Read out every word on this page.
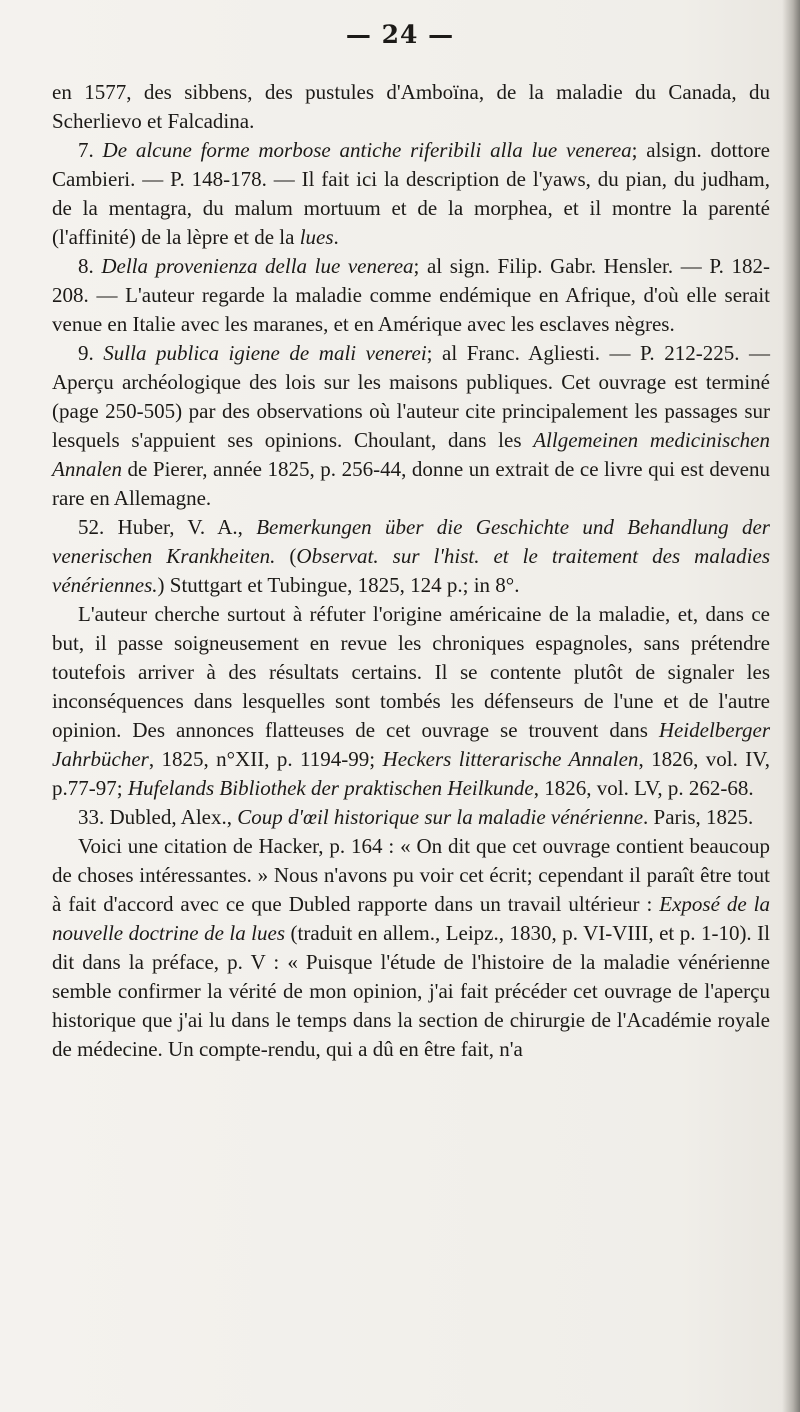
— 24 —

en 1577, des sibbens, des pustules d'Amboïna, de la maladie du Canada, du Scherlievo et Falcadina.

7. De alcune forme morbose antiche riferibili alla lue venerea; alsign. dottore Cambieri. — P. 148-178. — Il fait ici la description de l'yaws, du pian, du judham, de la mentagra, du malum mortuum et de la morphea, et il montre la parenté (l'affinité) de la lèpre et de la lues.

8. Della provenienza della lue venerea; al sign. Filip. Gabr. Hensler. — P. 182-208. — L'auteur regarde la maladie comme endémique en Afrique, d'où elle serait venue en Italie avec les maranes, et en Amérique avec les esclaves nègres.

9. Sulla publica igiene de mali venerei; al Franc. Agliesti. — P. 212-225. — Aperçu archéologique des lois sur les maisons publiques. Cet ouvrage est terminé (page 250-505) par des observations où l'auteur cite principalement les passages sur lesquels s'appuient ses opinions. Choulant, dans les Allgemeinen medicinischen Annalen de Pierer, année 1825, p. 256-44, donne un extrait de ce livre qui est devenu rare en Allemagne.

52. Huber, V. A., Bemerkungen über die Geschichte und Behandlung der venerischen Krankheiten. (Observat. sur l'hist. et le traitement des maladies vénériennes.) Stuttgart et Tubingue, 1825, 124 p.; in 8°.

L'auteur cherche surtout à réfuter l'origine américaine de la maladie, et, dans ce but, il passe soigneusement en revue les chroniques espagnoles, sans prétendre toutefois arriver à des résultats certains. Il se contente plutôt de signaler les inconséquences dans lesquelles sont tombés les défenseurs de l'une et de l'autre opinion. Des annonces flatteuses de cet ouvrage se trouvent dans Heidelberger Jahrbücher, 1825, n°XII, p. 1194-99; Heckers litterarische Annalen, 1826, vol. IV, p.77-97; Hufelands Bibliothek der praktischen Heilkunde, 1826, vol. LV, p. 262-68.

33. Dubled, Alex., Coup d'œil historique sur la maladie vénérienne. Paris, 1825.

Voici une citation de Hacker, p. 164 : « On dit que cet ouvrage contient beaucoup de choses intéressantes. » Nous n'avons pu voir cet écrit; cependant il paraît être tout à fait d'accord avec ce que Dubled rapporte dans un travail ultérieur : Exposé de la nouvelle doctrine de la lues (traduit en allem., Leipz., 1830, p. VI-VIII, et p. 1-10). Il dit dans la préface, p. V : « Puisque l'étude de l'histoire de la maladie vénérienne semble confirmer la vérité de mon opinion, j'ai fait précéder cet ouvrage de l'aperçu historique que j'ai lu dans le temps dans la section de chirurgie de l'Académie royale de médecine. Un compte-rendu, qui a dû en être fait, n'a
